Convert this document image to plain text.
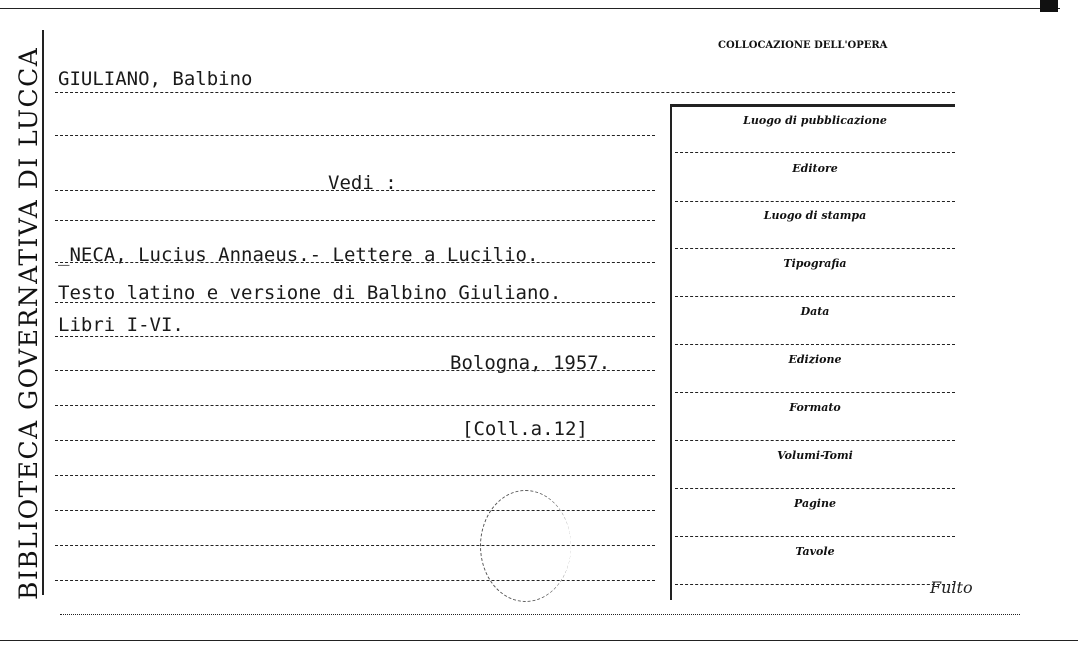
BIBLIOTECA GOVERNATIVA DI LUCCA
COLLOCAZIONE DELL'OPERA
GIULIANO, Balbino
Vedi :
_NECA, Lucius Annaeus.- Lettere a Lucilio.
Testo latino e versione di Balbino Giuliano.
Libri I-VI.
Bologna, 1957.
[Coll.a.12]
Luogo di pubblicazione
Editore
Luogo di stampa
Tipografia
Data
Edizione
Formato
Volumi-Tomi
Pagine
Tavole
Fulto
